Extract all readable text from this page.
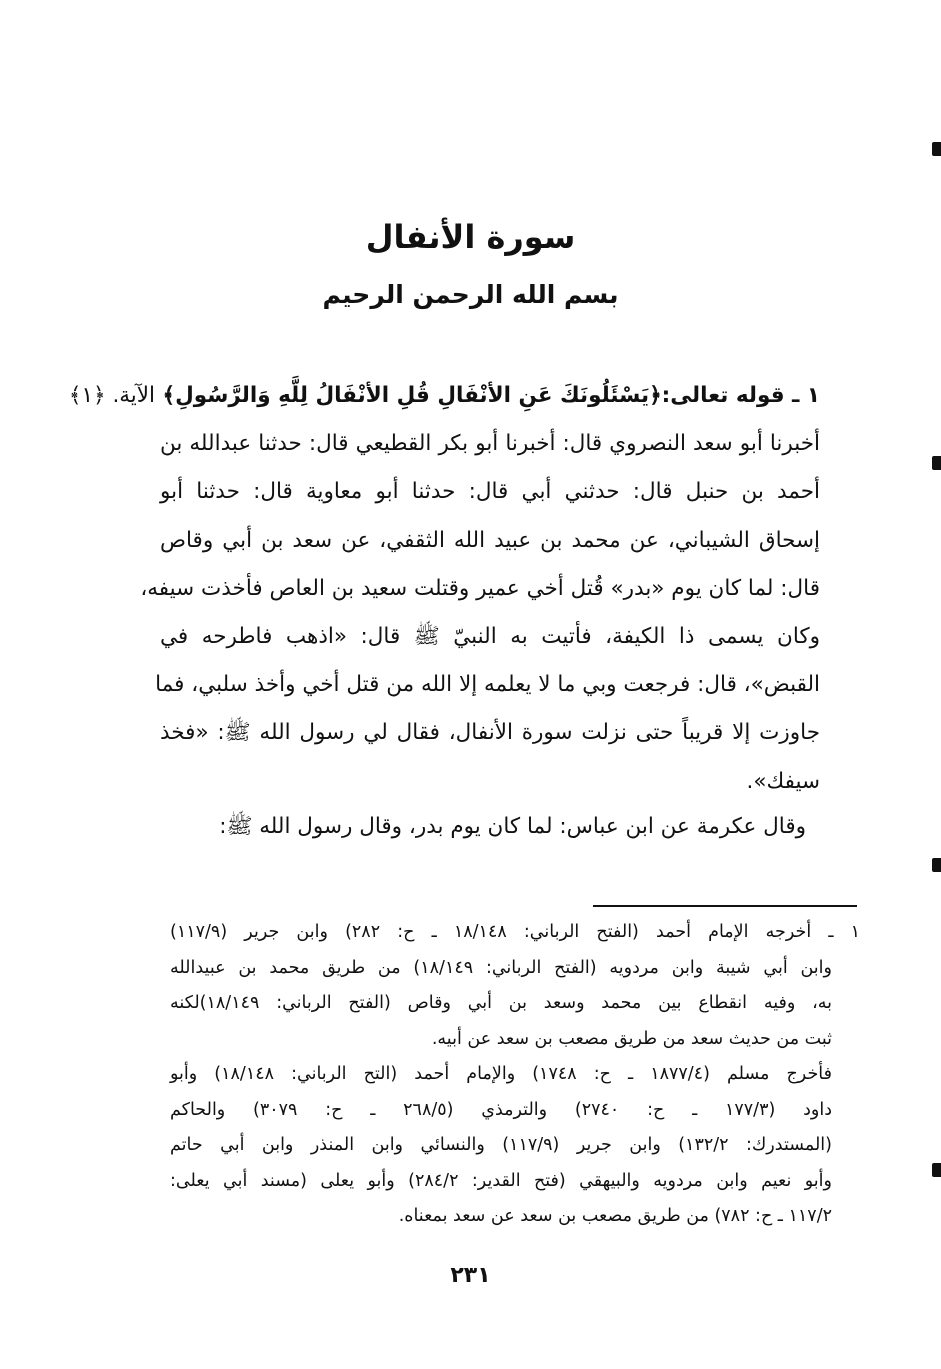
سورة الأنفال
بسم الله الرحمن الرحيم
١ ـ قوله تعالى:﴿يَسْئَلُونَكَ عَنِ الأنْفَالِ قُلِ الأنْفَالُ لِلَّهِ وَالرَّسُولِ﴾ الآية. ﴿١﴾
أخبرنا أبو سعد النصروي قال: أخبرنا أبو بكر القطيعي قال: حدثنا عبدالله بن
أحمد بن حنبل قال: حدثني أبي قال: حدثنا أبو معاوية قال: حدثنا أبو
إسحاق الشيباني، عن محمد بن عبيد الله الثقفي، عن سعد بن أبي وقاص
قال: لما كان يوم «بدر» قُتل أخي عمير وقتلت سعيد بن العاص فأخذت سيفه،
وكان يسمى ذا الكيفة، فأتيت به النبيّ ﷺ قال: «اذهب فاطرحه في
القبض»، قال: فرجعت وبي ما لا يعلمه إلا الله من قتل أخي وأخذ سلبي، فما
جاوزت إلا قريباً حتى نزلت سورة الأنفال، فقال لي رسول الله ﷺ: «فخذ
سيفك».
وقال عكرمة عن ابن عباس: لما كان يوم بدر، وقال رسول الله ﷺ:
١ ـ أخرجه الإمام أحمد (الفتح الرباني: ١٨/١٤٨ ـ ح: ٢٨٢) وابن جرير (١١٧/٩)
وابن أبي شيبة وابن مردويه (الفتح الرباني: ١٨/١٤٩) من طريق محمد بن عبيدالله
به، وفيه انقطاع بين محمد وسعد بن أبي وقاص (الفتح الرباني: ١٨/١٤٩)لكنه
ثبت من حديث سعد من طريق مصعب بن سعد عن أبيه.
فأخرج مسلم (١٨٧٧/٤ ـ ح: ١٧٤٨) والإمام أحمد (التح الرباني: ١٨/١٤٨) وأبو
داود (١٧٧/٣ ـ ح: ٢٧٤٠) والترمذي (٢٦٨/٥ ـ ح: ٣٠٧٩) والحاكم
(المستدرك: ١٣٢/٢) وابن جرير (١١٧/٩) والنسائي وابن المنذر وابن أبي حاتم
وأبو نعيم وابن مردويه والبيهقي (فتح القدير: ٢٨٤/٢) وأبو يعلى (مسند أبي يعلى:
١١٧/٢ ـ ح: ٧٨٢) من طريق مصعب بن سعد عن سعد بمعناه.
٢٣١
